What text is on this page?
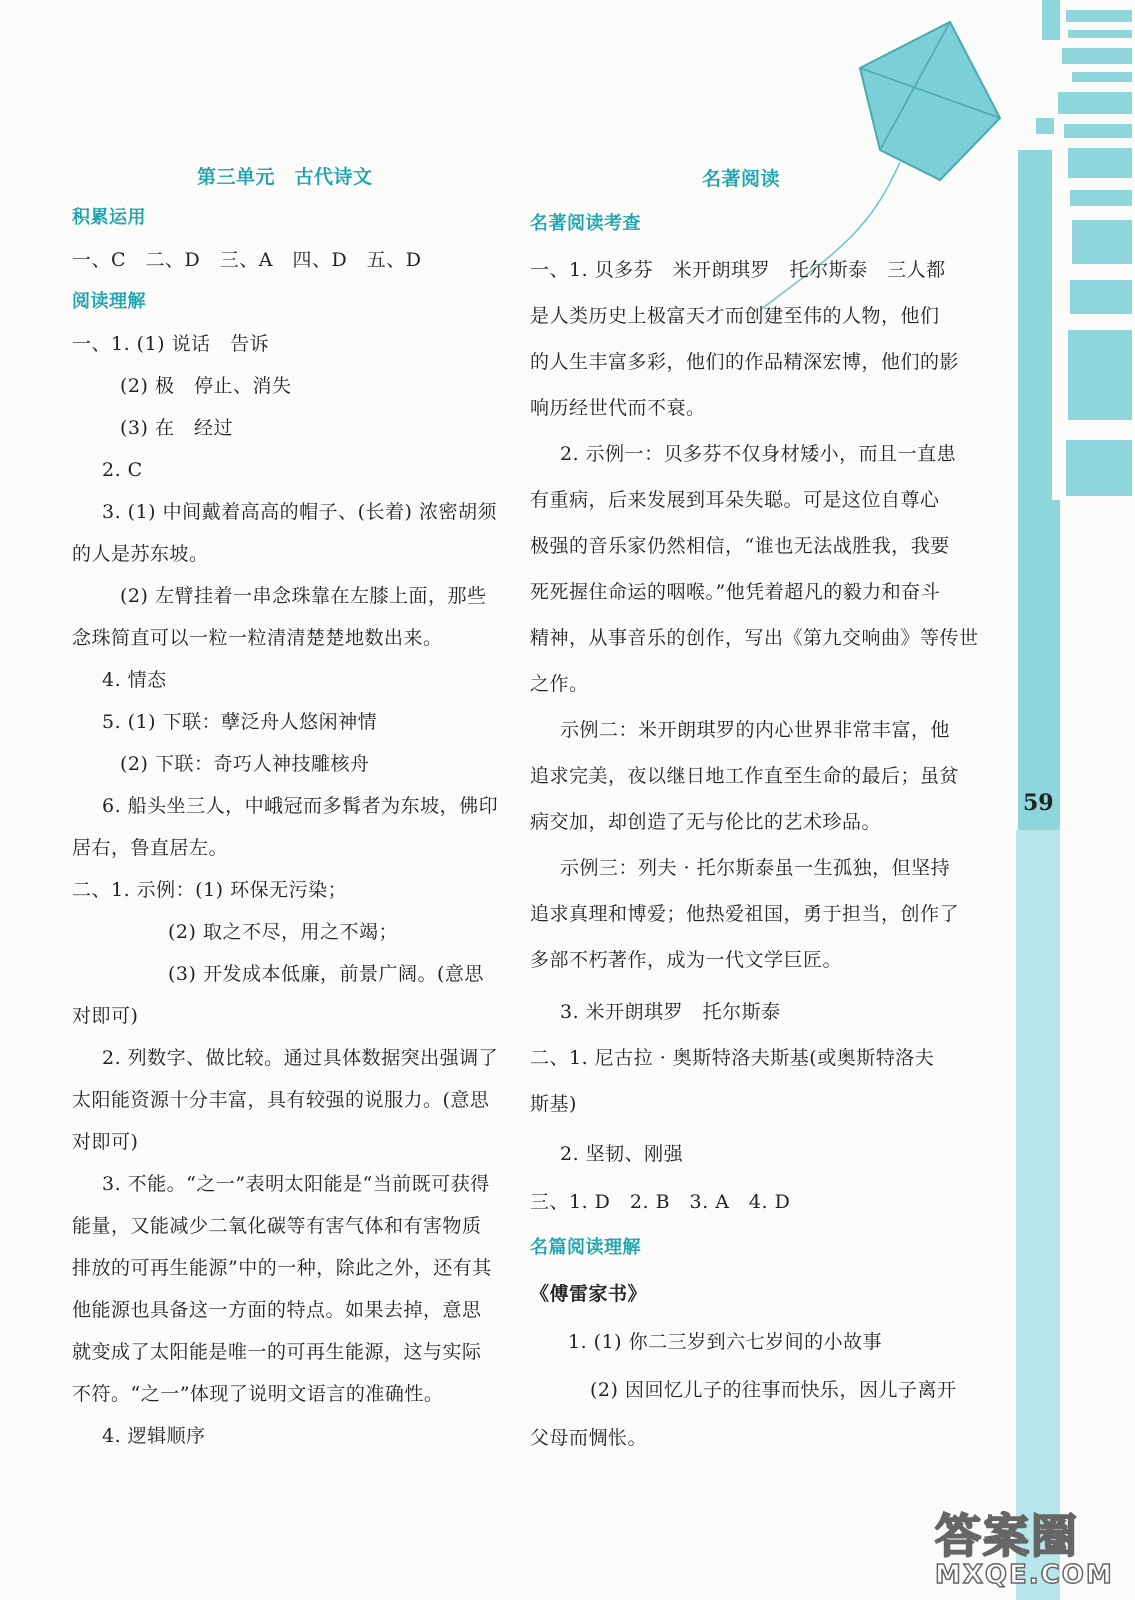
第三单元　古代诗文
积累运用
一、C　二、D　三、A　四、D　五、D
阅读理解
一、1. (1) 说话　告诉
(2) 极　停止、消失
(3) 在　经过
2. C
3. (1) 中间戴着高高的帽子、(长着) 浓密胡须
的人是苏东坡。
(2) 左臂挂着一串念珠靠在左膝上面，那些
念珠简直可以一粒一粒清清楚楚地数出来。
4. 情态
5. (1) 下联：孽泛舟人悠闲神情
(2) 下联：奇巧人神技雕核舟
6. 船头坐三人，中峨冠而多髯者为东坡，佛印
居右，鲁直居左。
二、1. 示例：(1) 环保无污染；
(2) 取之不尽，用之不竭；
(3) 开发成本低廉，前景广阔。(意思
对即可)
2. 列数字、做比较。通过具体数据突出强调了
太阳能资源十分丰富，具有较强的说服力。(意思
对即可)
3. 不能。“之一”表明太阳能是“当前既可获得
能量，又能减少二氧化碳等有害气体和有害物质
排放的可再生能源”中的一种，除此之外，还有其
他能源也具备这一方面的特点。如果去掉，意思
就变成了太阳能是唯一的可再生能源，这与实际
不符。“之一”体现了说明文语言的准确性。
4. 逻辑顺序
名著阅读
名著阅读考查
一、1. 贝多芬　米开朗琪罗　托尔斯泰　三人都
是人类历史上极富天才而创建至伟的人物，他们
的人生丰富多彩，他们的作品精深宏博，他们的影
响历经世代而不衰。
2. 示例一：贝多芬不仅身材矮小，而且一直患
有重病，后来发展到耳朵失聪。可是这位自尊心
极强的音乐家仍然相信，“谁也无法战胜我，我要
死死握住命运的咽喉。”他凭着超凡的毅力和奋斗
精神，从事音乐的创作，写出《第九交响曲》等传世
之作。
示例二：米开朗琪罗的内心世界非常丰富，他
追求完美，夜以继日地工作直至生命的最后；虽贫
病交加，却创造了无与伦比的艺术珍品。
示例三：列夫 · 托尔斯泰虽一生孤独，但坚持
追求真理和博爱；他热爱祖国，勇于担当，创作了
多部不朽著作，成为一代文学巨匠。
3. 米开朗琪罗　托尔斯泰
二、1. 尼古拉 · 奥斯特洛夫斯基(或奥斯特洛夫
斯基)
2. 坚韧、刚强
三、1. D　2. B　3. A　4. D
名篇阅读理解
《傅雷家书》
1. (1) 你二三岁到六七岁间的小故事
(2) 因回忆儿子的往事而快乐，因儿子离开
父母而惆怅。
59
答案圈
MXQE.COM
